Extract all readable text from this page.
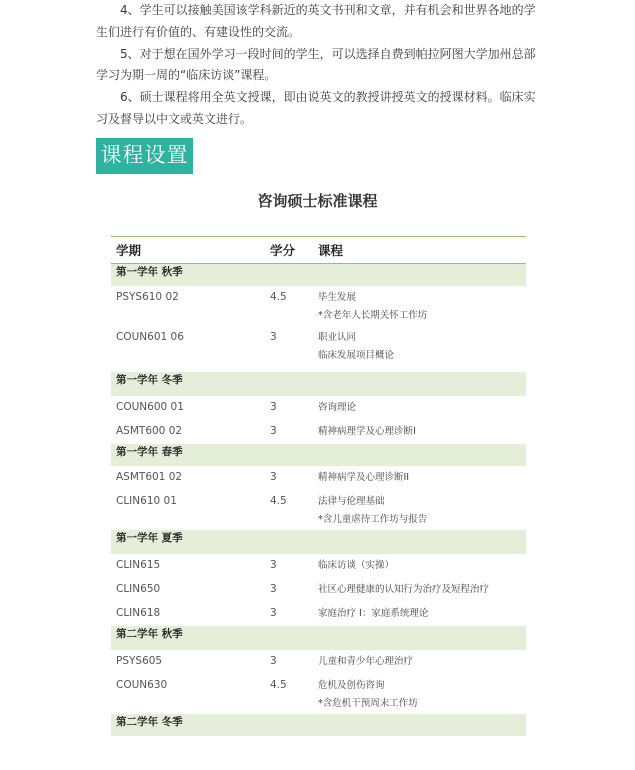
4、学生可以接触美国该学科新近的英文书刊和文章，并有机会和世界各地的学生们进行有价值的、有建设性的交流。

5、对于想在国外学习一段时间的学生，可以选择自费到帕拉阿图大学加州总部学习为期一周的“临床访谈”课程。

6、硕士课程将用全英文授课，即由说英文的教授讲授英文的授课材料。临床实习及督导以中文或英文进行。

课程设置
咨询硕士标准课程
学期	学分	课程
第一学年 秋季		
PSYS610 02	4.5	毕生发展
*含老年人长期关怀工作坊

COUN601 06	3	职业认同
临床发展项目概论

第一学年 冬季		
COUN600 01	3	咨询理论

ASMT600 02	3	精神病理学及心理诊断I

第一学年 春季		
ASMT601 02	3	精神病学及心理诊断II

CLIN610 01	4.5	法律与伦理基础
*含儿童虐待工作坊与报告

第一学年 夏季		
CLIN615	3	临床访谈（实操）

CLIN650	3	社区心理健康的认知行为治疗及短程治疗

CLIN618	3	家庭治疗 I：家庭系统理论

第二学年 秋季		
PSYS605	3	儿童和青少年心理治疗

COUN630	4.5	危机及创伤咨询
*含危机干预周末工作坊

第二学年 冬季		
